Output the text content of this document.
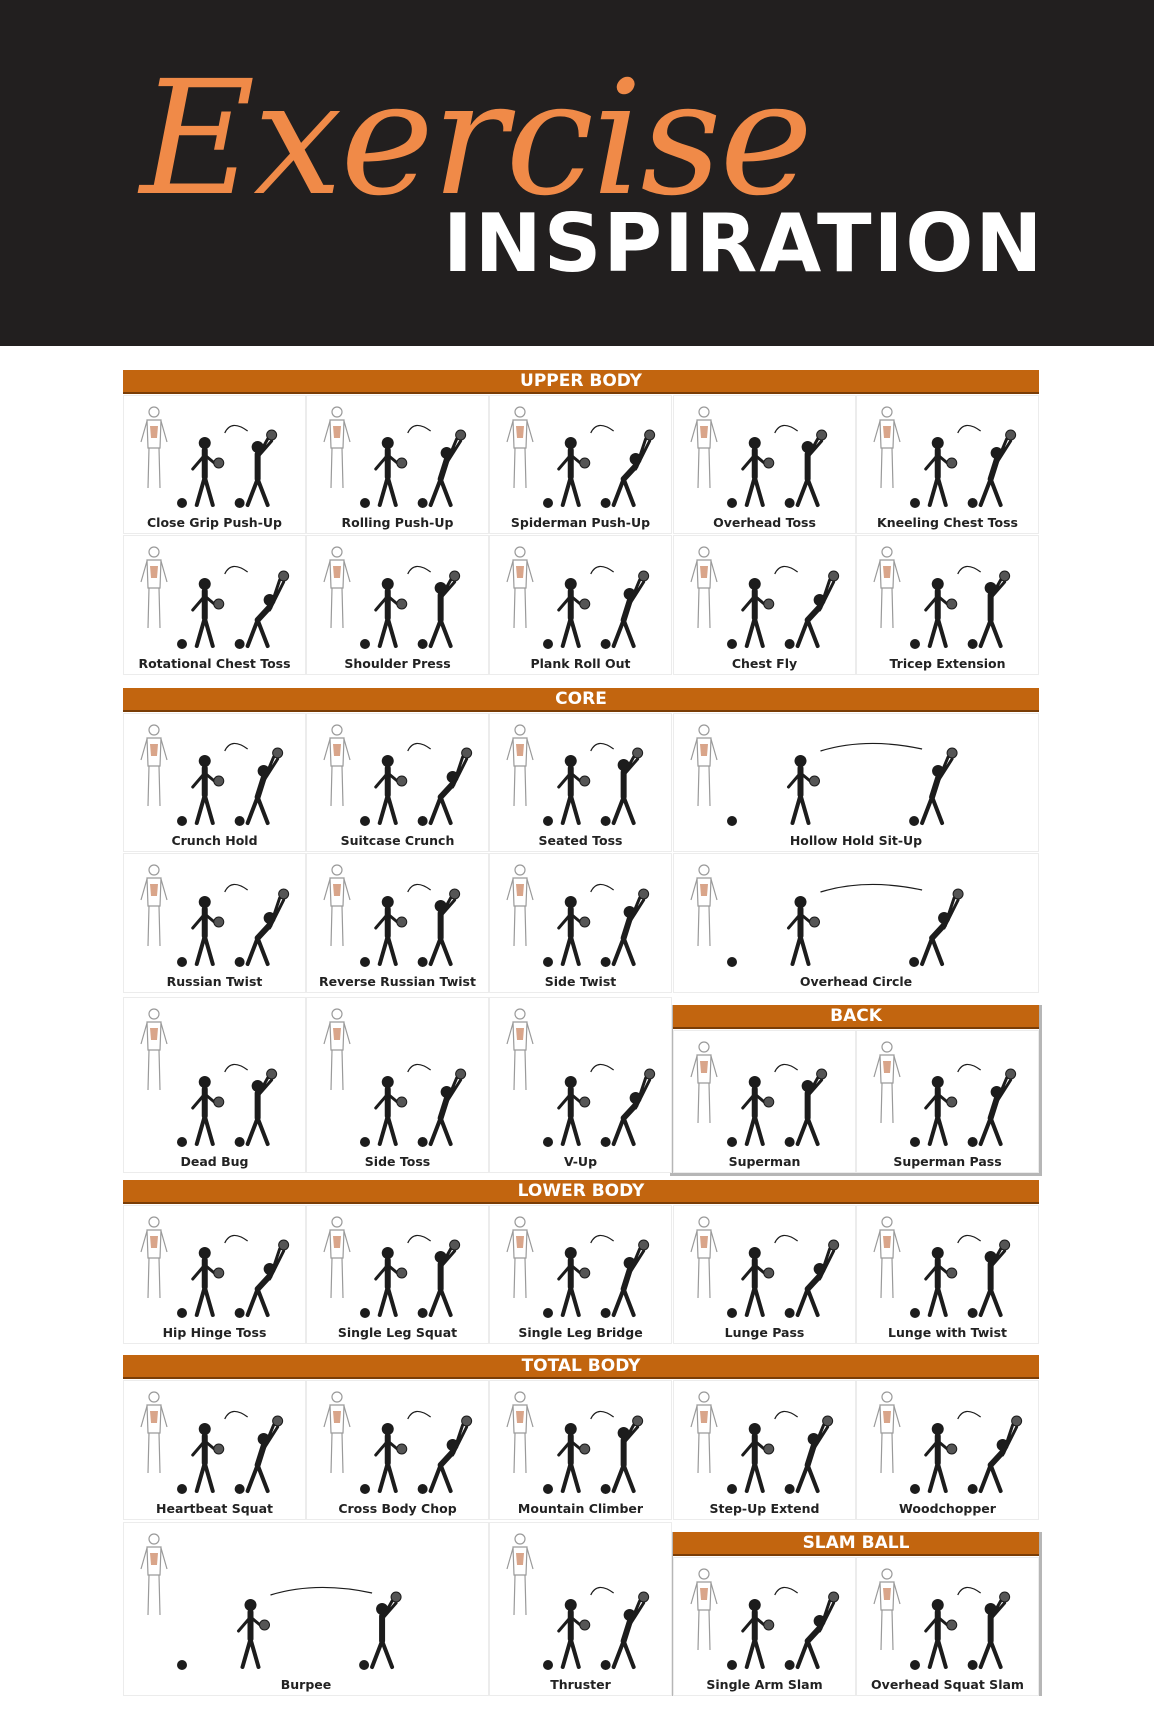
Exercise
INSPIRATION
UPPER BODY
CORE
BACK
LOWER BODY
TOTAL BODY
SLAM BALL
Close Grip Push-Up	Rolling Push-Up	Spiderman Push-Up	Overhead Toss	Kneeling Chest Toss
Rotational Chest Toss	Shoulder Press	Plank Roll Out	Chest Fly	Tricep Extension
Crunch Hold	Suitcase Crunch	Seated Toss	Hollow Hold Sit-Up
Russian Twist	Reverse Russian Twist	Side Twist	Overhead Circle
Dead Bug	Side Toss	V-Up	Superman	Superman Pass
Hip Hinge Toss	Single Leg Squat	Single Leg Bridge	Lunge Pass	Lunge with Twist
Heartbeat Squat	Cross Body Chop	Mountain Climber	Step-Up Extend	Woodchopper
Burpee	Thruster	Single Arm Slam	Overhead Squat Slam
